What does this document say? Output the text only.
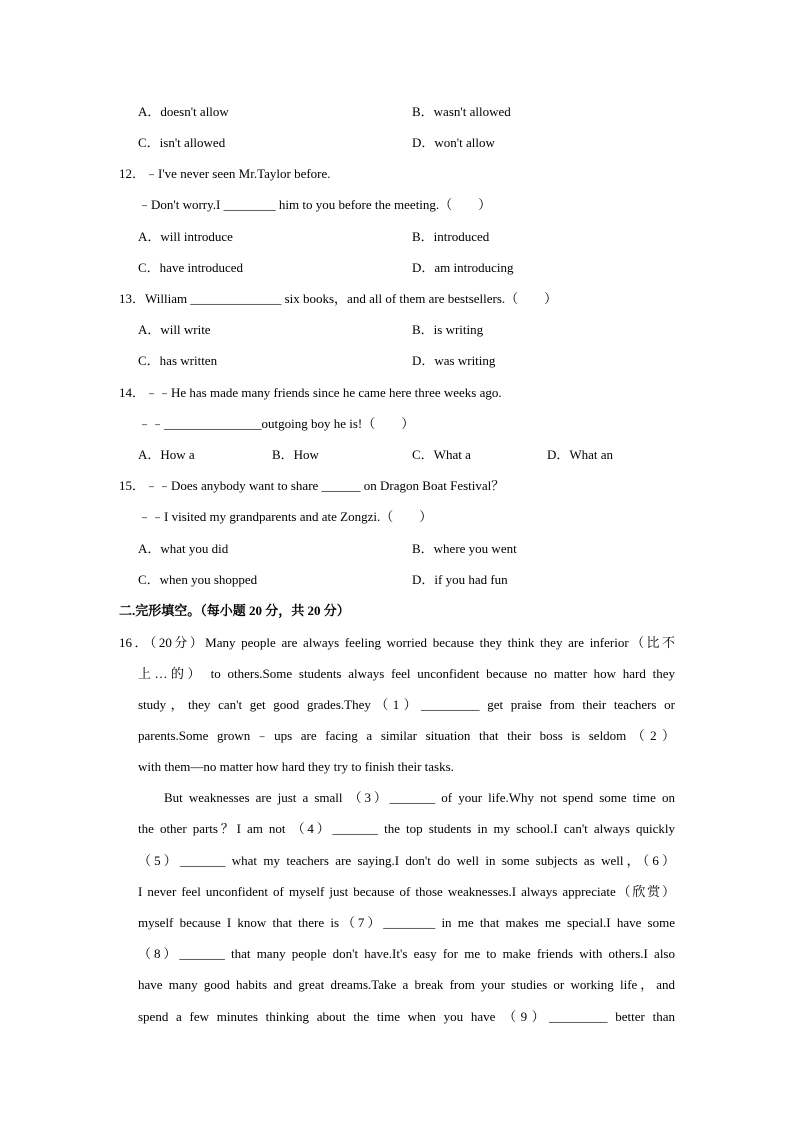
A．doesn't allow	B．wasn't allowed
C．isn't allowed	D．won't allow
12．﹣I've never seen Mr.Taylor before.
﹣Don't worry.I ________ him to you before the meeting.（　　）
A．will introduce	B．introduced
C．have introduced	D．am introducing
13．William ______________ six books，and all of them are bestsellers.（　　）
A．will write	B．is writing
C．has written	D．was writing
14．﹣﹣He has made many friends since he came here three weeks ago.
﹣﹣_______________outgoing boy he is!（　　）
A．How a	B．How	C．What a	D．What an
15．﹣﹣Does anybody want to share ______ on Dragon Boat Festival？
﹣﹣I visited my grandparents and ate Zongzi.（　　）
A．what you did	B．where you went
C．when you shopped	D．if you had fun
二.完形填空。（每小题 20 分，共 20 分）
16．（20分）Many people are always feeling worried because they think they are inferior（比不
上…的） to others.Some students always feel unconfident because no matter how hard they
study，they can't get good grades.They（1）_________ get praise from their teachers or
parents.Some grown﹣ups are facing a similar situation that their boss is seldom（2）
with them—no matter how hard they try to finish their tasks.
But weaknesses are just a small （3）_______ of your life.Why not spend some time on
the other parts？I am not （4）_______ the top students in my school.I can't always quickly
（5）_______ what my teachers are saying.I don't do well in some subjects as well，（6）
I never feel unconfident of myself just because of those weaknesses.I always appreciate（欣赏）
myself because I know that there is（7）________ in me that makes me special.I have some
（8）_______ that many people don't have.It's easy for me to make friends with others.I also
have many good habits and great dreams.Take a break from your studies or working life，and
spend a few minutes thinking about the time when you have （9）_________ better than
